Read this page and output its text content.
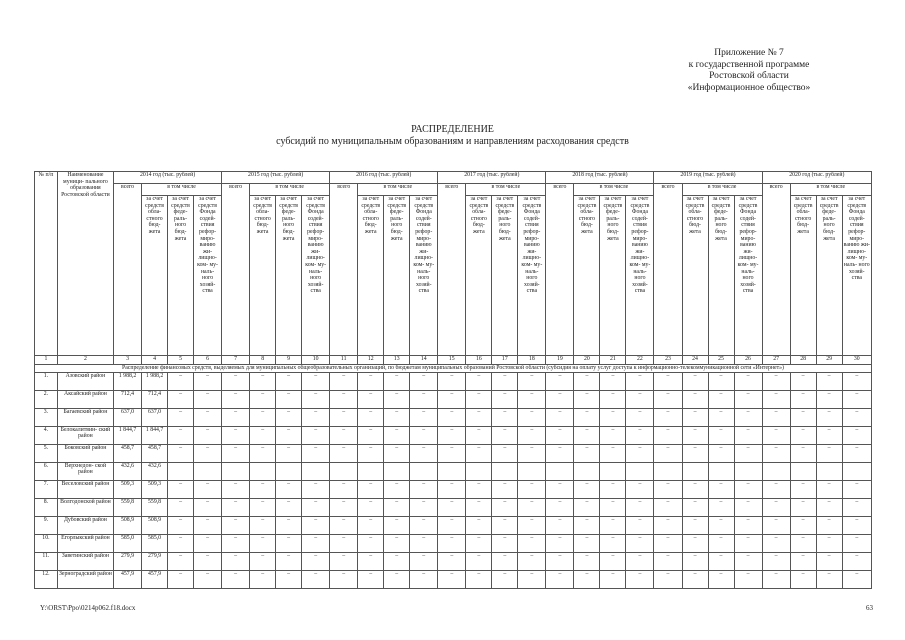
Приложение № 7
к государственной программе
Ростовской области
«Информационное общество»
РАСПРЕДЕЛЕНИЕ
субсидий по муниципальным образованиям и направлениям расходования средств
№ п/п	Наименование муници- пального образования Ростовской области	2014 год (тыс. рублей)				2015 год (тыс. рублей)				2016 год (тыс. рублей)				2017 год (тыс. рублей)				2018 год (тыс. рублей)				2019 год (тыс. рублей)				2020 год (тыс. рублей)			
		всего	в том числе			всего	в том числе			всего	в том числе			всего	в том числе			всего	в том числе			всего	в том числе			всего	в том числе		
			за счет средств обла- стного бюд- жета	за счет средств феде- раль- ного бюд- жета	за счет средств Фонда содей- ствия рефор- миро- ванию жи- лищно- ком- му- наль- ного хозяй- ства		за счет средств обла- стного бюд- жета	за счет средств феде- раль- ного бюд- жета	за счет средств Фонда содей- ствия рефор- миро- ванию жи- лищно- ком- му- наль- ного хозяй- ства		за счет средств обла- стного бюд- жета	за счет средств феде- раль- ного бюд- жета	за счет средств Фонда содей- ствия рефор- миро- ванию жи- лищно- ком- му- наль- ного хозяй- ства		за счет средств обла- стного бюд- жета	за счет средств феде- раль- ного бюд- жета	за счет средств Фонда содей- ствия рефор- миро- ванию жи- лищно- ком- му- наль- ного хозяй- ства		за счет средств обла- стного бюд- жета	за счет средств феде- раль- ного бюд- жета	за счет средств Фонда содей- ствия рефор- миро- ванию жи- лищно- ком- му- наль- ного хозяй- ства		за счет средств обла- стного бюд- жета	за счет средств феде- раль- ного бюд- жета	за счет средств Фонда содей- ствия рефор- миро- ванию жи- лищно- ком- му- наль- ного хозяй- ства		за счет средств обла- стного бюд- жета	за счет средств феде- раль- ного бюд- жета	за счет средств Фонда содей- ствия рефор- миро- ванию жи- лищно- ком- му- наль- ного хозяй- ства
1	2	3	4	5	6	7	8	9	10	11	12	13	14	15	16	17	18	19	20	21	22	23	24	25	26	27	28	29	30
Распределение финансовых средств, выделяемых для муниципальных общеобразовательных организаций, по бюджетам муниципальных образований Ростовской области (субсидия на оплату услуг доступа к информационно-телекоммуникационной сети «Интернет»)																													
1.	Азовский район	1 988,2	1 988,2	–	–	–	–	–	–	–	–	–	–	–	–	–	–	–	–	–	–	–	–	–	–	–	–	–	–
2.	Аксайский район	712,4	712,4	–	–	–	–	–	–	–	–	–	–	–	–	–	–	–	–	–	–	–	–	–	–	–	–	–	–
3.	Багаевский район	637,0	637,0	–	–	–	–	–	–	–	–	–	–	–	–	–	–	–	–	–	–	–	–	–	–	–	–	–	–
4.	Белокалитвин- ский район	1 844,7	1 844,7	–	–	–	–	–	–	–	–	–	–	–	–	–	–	–	–	–	–	–	–	–	–	–	–	–	–
5.	Боковский район	458,7	458,7	–	–	–	–	–	–	–	–	–	–	–	–	–	–	–	–	–	–	–	–	–	–	–	–	–	–
6.	Верхнедон- ской район	432,6	432,6																										
7.	Веселовский район	509,3	509,3	–	–	–	–	–	–	–	–	–	–	–	–	–	–	–	–	–	–	–	–	–	–	–	–	–	–
8.	Волгодонской район	559,8	559,8	–	–	–	–	–	–	–	–	–	–	–	–	–	–	–	–	–	–	–	–	–	–	–	–	–	–
9.	Дубовский район	508,9	508,9	–	–	–	–	–	–	–	–	–	–	–	–	–	–	–	–	–	–	–	–	–	–	–	–	–	–
10.	Егорлыкский район	585,0	585,0	–	–	–	–	–	–	–	–	–	–	–	–	–	–	–	–	–	–	–	–	–	–	–	–	–	–
11.	Заветинский район	279,9	279,9	–	–	–	–	–	–	–	–	–	–	–	–	–	–	–	–	–	–	–	–	–	–	–	–	–	–
12.	Зерноградский район	457,9	457,9	–	–	–	–	–	–	–	–	–	–	–	–	–	–	–	–	–	–	–	–	–	–	–	–	–	–
Y:\ORST\Ppo\0214p062.f18.docx	63
